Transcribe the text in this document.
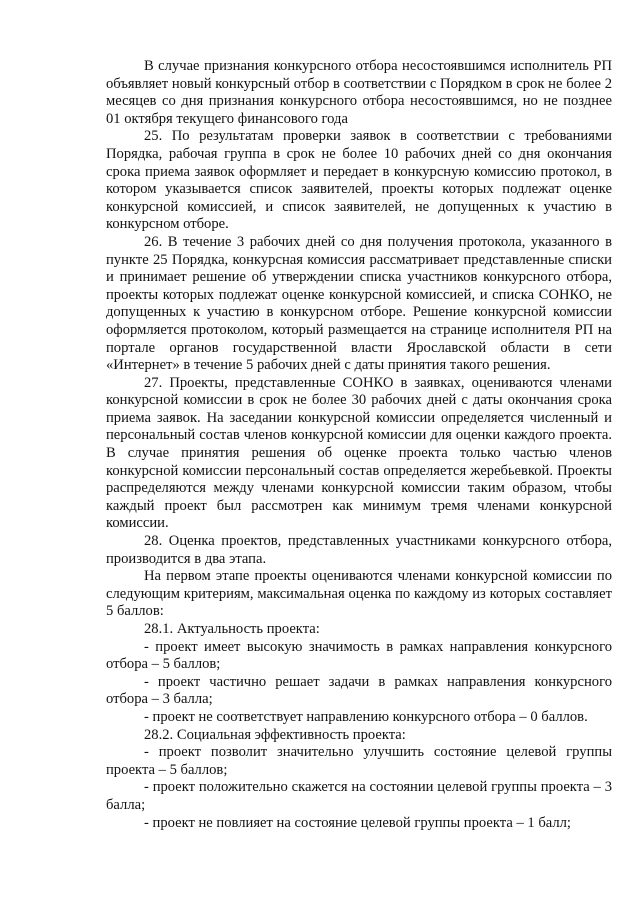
В случае признания конкурсного отбора несостоявшимся исполнитель РП объявляет новый конкурсный отбор в соответствии с Порядком в срок не более 2 месяцев со дня признания конкурсного отбора несостоявшимся, но не позднее 01 октября текущего финансового года

25. По результатам проверки заявок в соответствии с требованиями Порядка, рабочая группа в срок не более 10 рабочих дней со дня окончания срока приема заявок оформляет и передает в конкурсную комиссию протокол, в котором указывается список заявителей, проекты которых подлежат оценке конкурсной комиссией, и список заявителей, не допущенных к участию в конкурсном отборе.

26. В течение 3 рабочих дней со дня получения протокола, указанного в пункте 25 Порядка, конкурсная комиссия рассматривает представленные списки и принимает решение об утверждении списка участников конкурсного отбора, проекты которых подлежат оценке конкурсной комиссией, и списка СОНКО, не допущенных к участию в конкурсном отборе. Решение конкурсной комиссии оформляется протоколом, который размещается на странице исполнителя РП на портале органов государственной власти Ярославской области в сети «Интернет» в течение 5 рабочих дней с даты принятия такого решения.

27. Проекты, представленные СОНКО в заявках, оцениваются членами конкурсной комиссии в срок не более 30 рабочих дней с даты окончания срока приема заявок. На заседании конкурсной комиссии определяется численный и персональный состав членов конкурсной комиссии для оценки каждого проекта. В случае принятия решения об оценке проекта только частью членов конкурсной комиссии персональный состав определяется жеребьевкой. Проекты распределяются между членами конкурсной комиссии таким образом, чтобы каждый проект был рассмотрен как минимум тремя членами конкурсной комиссии.

28. Оценка проектов, представленных участниками конкурсного отбора, производится в два этапа.

На первом этапе проекты оцениваются членами конкурсной комиссии по следующим критериям, максимальная оценка по каждому из которых составляет 5 баллов:

28.1. Актуальность проекта:

- проект имеет высокую значимость в рамках направления конкурсного отбора – 5 баллов;

- проект частично решает задачи в рамках направления конкурсного отбора – 3 балла;

- проект не соответствует направлению конкурсного отбора – 0 баллов.

28.2. Социальная эффективность проекта:

- проект позволит значительно улучшить состояние целевой группы проекта – 5 баллов;

- проект положительно скажется на состоянии целевой группы проекта – 3 балла;

- проект не повлияет на состояние целевой группы проекта – 1 балл;
